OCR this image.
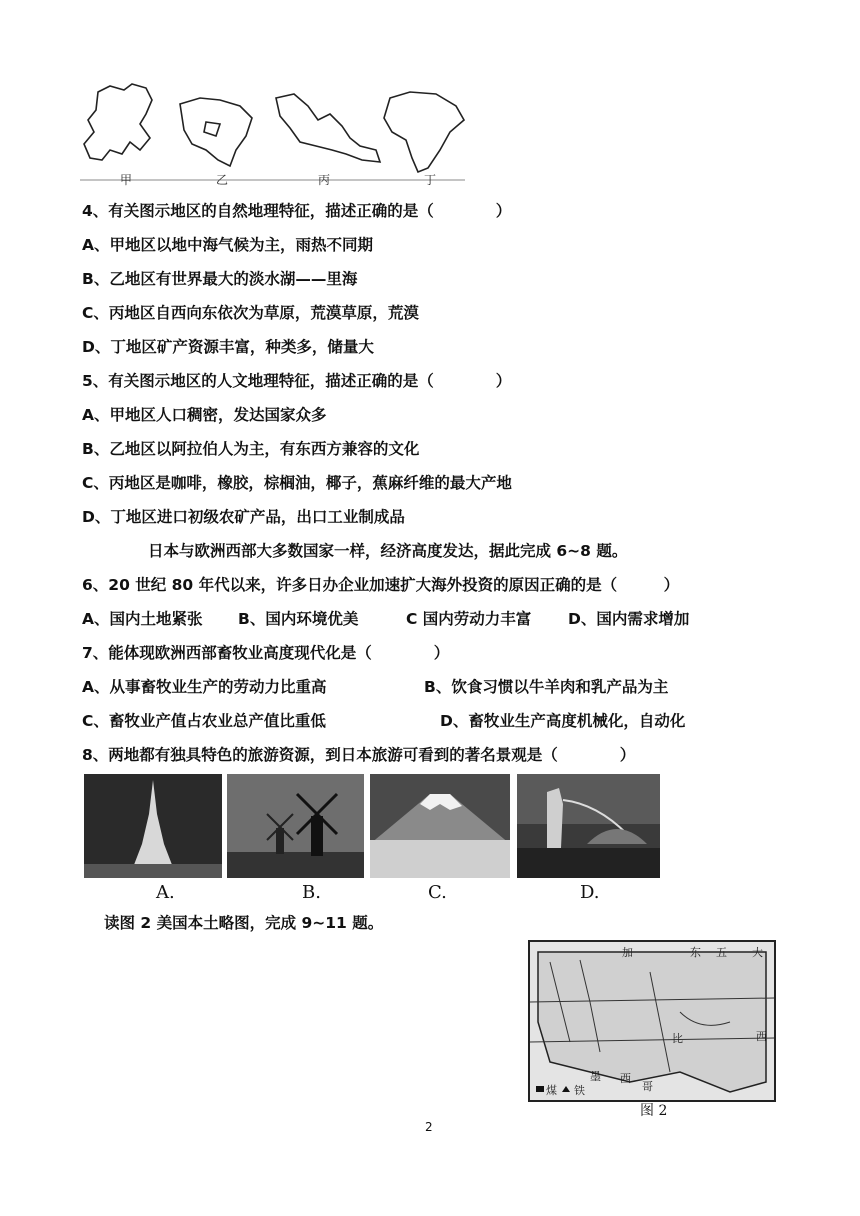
甲	乙	丙	丁
4、有关图示地区的自然地理特征，描述正确的是（　　　　）
A、甲地区以地中海气候为主，雨热不同期
B、乙地区有世界最大的淡水湖——里海
C、丙地区自西向东依次为草原，荒漠草原，荒漠
D、丁地区矿产资源丰富，种类多，储量大
5、有关图示地区的人文地理特征，描述正确的是（　　　　）
A、甲地区人口稠密，发达国家众多
B、乙地区以阿拉伯人为主，有东西方兼容的文化
C、丙地区是咖啡，橡胶，棕榈油，椰子，蕉麻纤维的最大产地
D、丁地区进口初级农矿产品，出口工业制成品
日本与欧洲西部大多数国家一样，经济高度发达，据此完成 6~8 题。
6、20 世纪 80 年代以来，许多日办企业加速扩大海外投资的原因正确的是（　　　）
A、国内土地紧张 B、国内环境优美	C 国内劳动力丰富 D、国内需求增加
7、能体现欧洲西部畜牧业高度现代化是（　　　　）
A、从事畜牧业生产的劳动力比重高	B、饮食习惯以牛羊肉和乳产品为主
C、畜牧业产值占农业总产值比重低	D、畜牧业生产高度机械化，自动化
8、两地都有独具特色的旅游资源，到日本旅游可看到的著名景观是（　　　　）
A.	B.	C.	D.
读图 2 美国本土略图，完成 9~11 题。
加	东 五 大
西
比
墨 西
哥
煤 铁
图 2
2
